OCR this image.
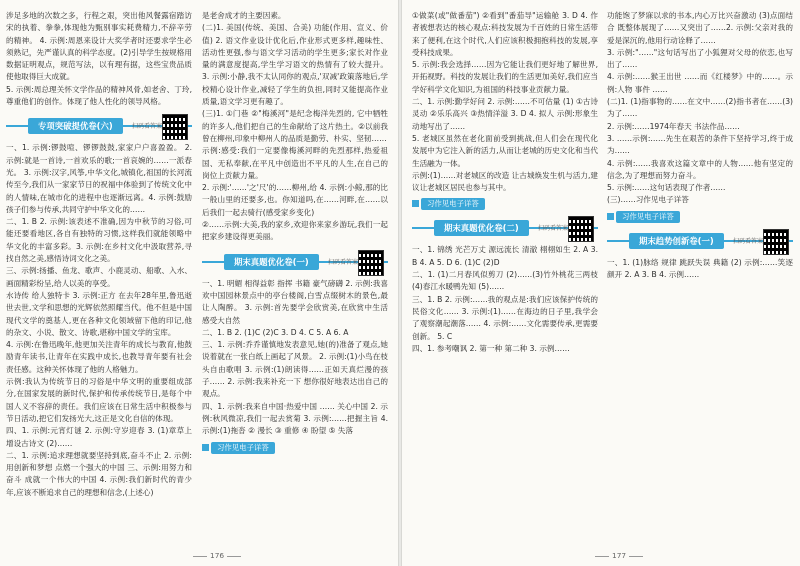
涉足多地的次数之多，行程之艰，突出他风餐露宿踏访宋的执着、拳拳,体现他为甄别事实耗费精力,不辞辛劳的精神。 4. 示例:周恩来设计大奖学者时还要求学生必须熟记，先严谨认真的科学态度。(2)引导学生按规格用数据证明观点，规范写法，以有理有据，这些宝贵品质使他取得巨大成就。

5. 示例:周总理关怀文学作品的精神风骨,如老舍、丁玲,尊重他们的创作。体现了他人性化的领导风格。

专项突破提优卷(六)	扫码看答案

一、1. 示例:锣鼓喧、锣锣鼓鼓,家家户户喜盈盈。 2. 示例:就是一首诗,一首欢乐的歌;一首哀婉的……一派春光。 3. 示例:汉字,风筝,中华文化,城镇化,祖国的长河流传至今,我们从一家家节日的祝福中体验到了传统文化中的人情味,在城市化的进程中也逐渐远离。4. 示例:鼓励孩子们参与传承,共同守护中华文化的……

二、1. B 2. 示例:该表述不准确,因为中秋节的习俗,可能还要看地区,各自有独特的习惯,这样我们就能领略中华文化的丰富多彩。3. 示例:在乡村文化中汲取营养,寻找自然之美,感悟诗词文化之美。

三、示例:扬播、鱼龙、歌声、小鹿灵动、船歌、入水、画面精彩纷呈,给人以美的享受。

水诗传 给人独特卡 3. 示例:正方 在去年28年里,鲁迅逝世去世,文学和思想的光辉依然照耀当代。他不但是中国现代文学的奠基人,更在各种文化领域留下他的印记,他的杂文、小说、散文、诗歌,堪称中国文学的宝库。

4. 示例:在鲁迅晚年,他更加关注青年的成长与教育,他鼓励青年读书,让青年在实践中成长,也教导青年要有社会责任感。这种关怀体现了他的人格魅力。

示例:我认为传统节日的习俗是中华文明的重要组成部分,在国家发展的新时代,保护和传承传统节日,是每个中国人义不容辞的责任。我们应该在日常生活中积极参与节日活动,把它们发扬光大,这正是文化自信的体现。

四、1. 示例:元宵灯谜 2. 示例:守岁迎春 3. (1)章草上增设古诗文 (2)……

二、1. 示例:追求理想就要坚持到底,奋斗不止 2. 示例:用创新和梦想 点燃一个强大的中国 三、示例:用努力和奋斗 成就一个伟大的中国 4. 示例:我们新时代的青少年,应该不断追求自己的理想和信念,(上述心)

是老舍成才的主要因素。

(二)1. 美国(传统、美国、合美) 功能(作用、宣义、价值) 2. 语文作业设计优化后,作业形式更多样,趣味性、活动性更强,参与语文学习活动的学生更多;家长对作业量的满意度提高,学生学习语文的热情有了较大提升。 3. 示例:小静,我不太认同你的观点,'双减'政策落地后,学校精心设计作业,减轻了学生的负担,同时又能提高作业质量,语文学习更有趣了。

(三)1. ①门巷 ②"梅溪河"是纪念梅洋先烈的, 它中牺牲的许多人,他们把自己的生命献给了这片热土。②以前我曾在柳州,印象中柳州人的品质是勤劳、朴实、坚韧……

示例:感受:我们一定要像梅溪河畔的先烈那样,热爱祖国、无私奉献,在平凡中创造出不平凡的人生,在自己的岗位上贡献力量。

2. 示例:'……'之'尺'的……柳州,给 4. 示例:小鲸,那的比一般山里的还要多,也。你知道吗,在……河畔,在……以后我们一起去骑行(感受家乡变化)

②……示例:大美,我的家乡,欢迎你来家乡游玩,我们一起把家乡建设得更美丽。

期末真题优化卷(一)	扫码看答案

一、1. 明媚 相得益彰 指挥 书籍 豪气磅礴 2. 示例:我喜欢中国园林景点中的亭台楼阁,白雪点缀树木的景色,最让人陶醉。 3. 示例:首先要学会欣赏美,在欣赏中生活 感受大自然

二、1. B 2. (1)C (2)C 3. D 4. C 5. A 6. A

三、1. 示例:乔乔谨慎地发表意见,她(的)准备了观点,她说着就在一张白纸上画起了风景。 2. 示例:(1)小鸟在枝头自由歌唱 3. 示例:(1)朗读得……正如天真烂漫的孩子…… 2. 示例:我来补充一下 想你很好地表达出自己的观点。

四、1. 示例:我来自中国·热爱中国 …… 关心中国 2. 示例:秋风微凉,我们一起去赏菊 3. 示例:……把握主旨 4. 示例:(1)拖沓 ② 漫长 ③ 重修 ④ 盼望 ⑤ 失落

习作见电子详答
176

①做菜(或"做番茄") ②看到"番茄导"运输舱 3. D 4. 作者被想表达的核心观点:科技发展为千百姓的日常生活带来了便利,在这个时代,人们应该积极拥抱科技的发展,享受科技成果。

5. 示例:我会选择……因为它能让我们更好地了解世界,开拓视野。科技的发展让我们的生活更加美好,我们应当学好科学文化知识,为祖国的科技事业贡献力量。

二、1. 示例:勤学好问 2. 示例:……不可估量 (1) ①古诗灵动 ②乐乐高兴 ③热情洋溢 3. D 4. 拟人 示例:形象生动地写出了……

5. 老城区虽然在老化面前受到挑战,但人们会在现代化发展中为它注入新的活力,从而让老城的历史文化和当代生活融为一体。

示例:(1)……对老城区的改造 让古城焕发生机与活力,建议让老城区居民也参与其中。

习作见电子详答
期末真题优化卷(二)	扫码看答案

一、1. 锦绣 光芒万丈 源远流长 清澈 栩栩如生 2. A 3. B 4. A 5. D 6. (1)C (2)D

二、1. (1)二月春风似剪刀 (2)……(3)竹外桃花三两枝 (4)春江水暖鸭先知 (5)……

三、1. B 2. 示例:……我的观点是:我们应该保护传统的民俗文化…… 3. 示例:(1)……在海边的日子里,我学会了观察潮起潮落…… 4. 示例:……文化需要传承,更需要创新。 5. C

四、1. 参考嘲讽 2. 第一种 第二种 3. 示例……

功能饱了梦寐以求的书本,内心万比兴奋激动 (3)点面结合 既整体展现了……又突出了……2. 示例:父亲对我的爱是深沉的,他用行动诠释了……

3. 示例:"……"这句话写出了小狐狸对父母的依恋,也写出了……

4. 示例:……猴王出世 ……而《红楼梦》中的……。示例:人物 事件 ……

(二)1. (1)指事物的……在文中……(2)指书者在……(3)为了……

2. 示例:……1974年春天 书法作品……

3. ……示例:……先生在艰苦的条件下坚持学习,终于成为……

4. 示例:……我喜欢这篇文章中的人物……他有坚定的信念,为了理想而努力奋斗。

5. 示例:……这句话表现了作者……

(三)……习作见电子详答

习作见电子详答
期末趋势创新卷(一)	扫码看答案

一、1. (1)脉络 规律 跳跃失误 典籍 (2) 示例:……笑逐颜开 2. A 3. B 4. 示例……

177
